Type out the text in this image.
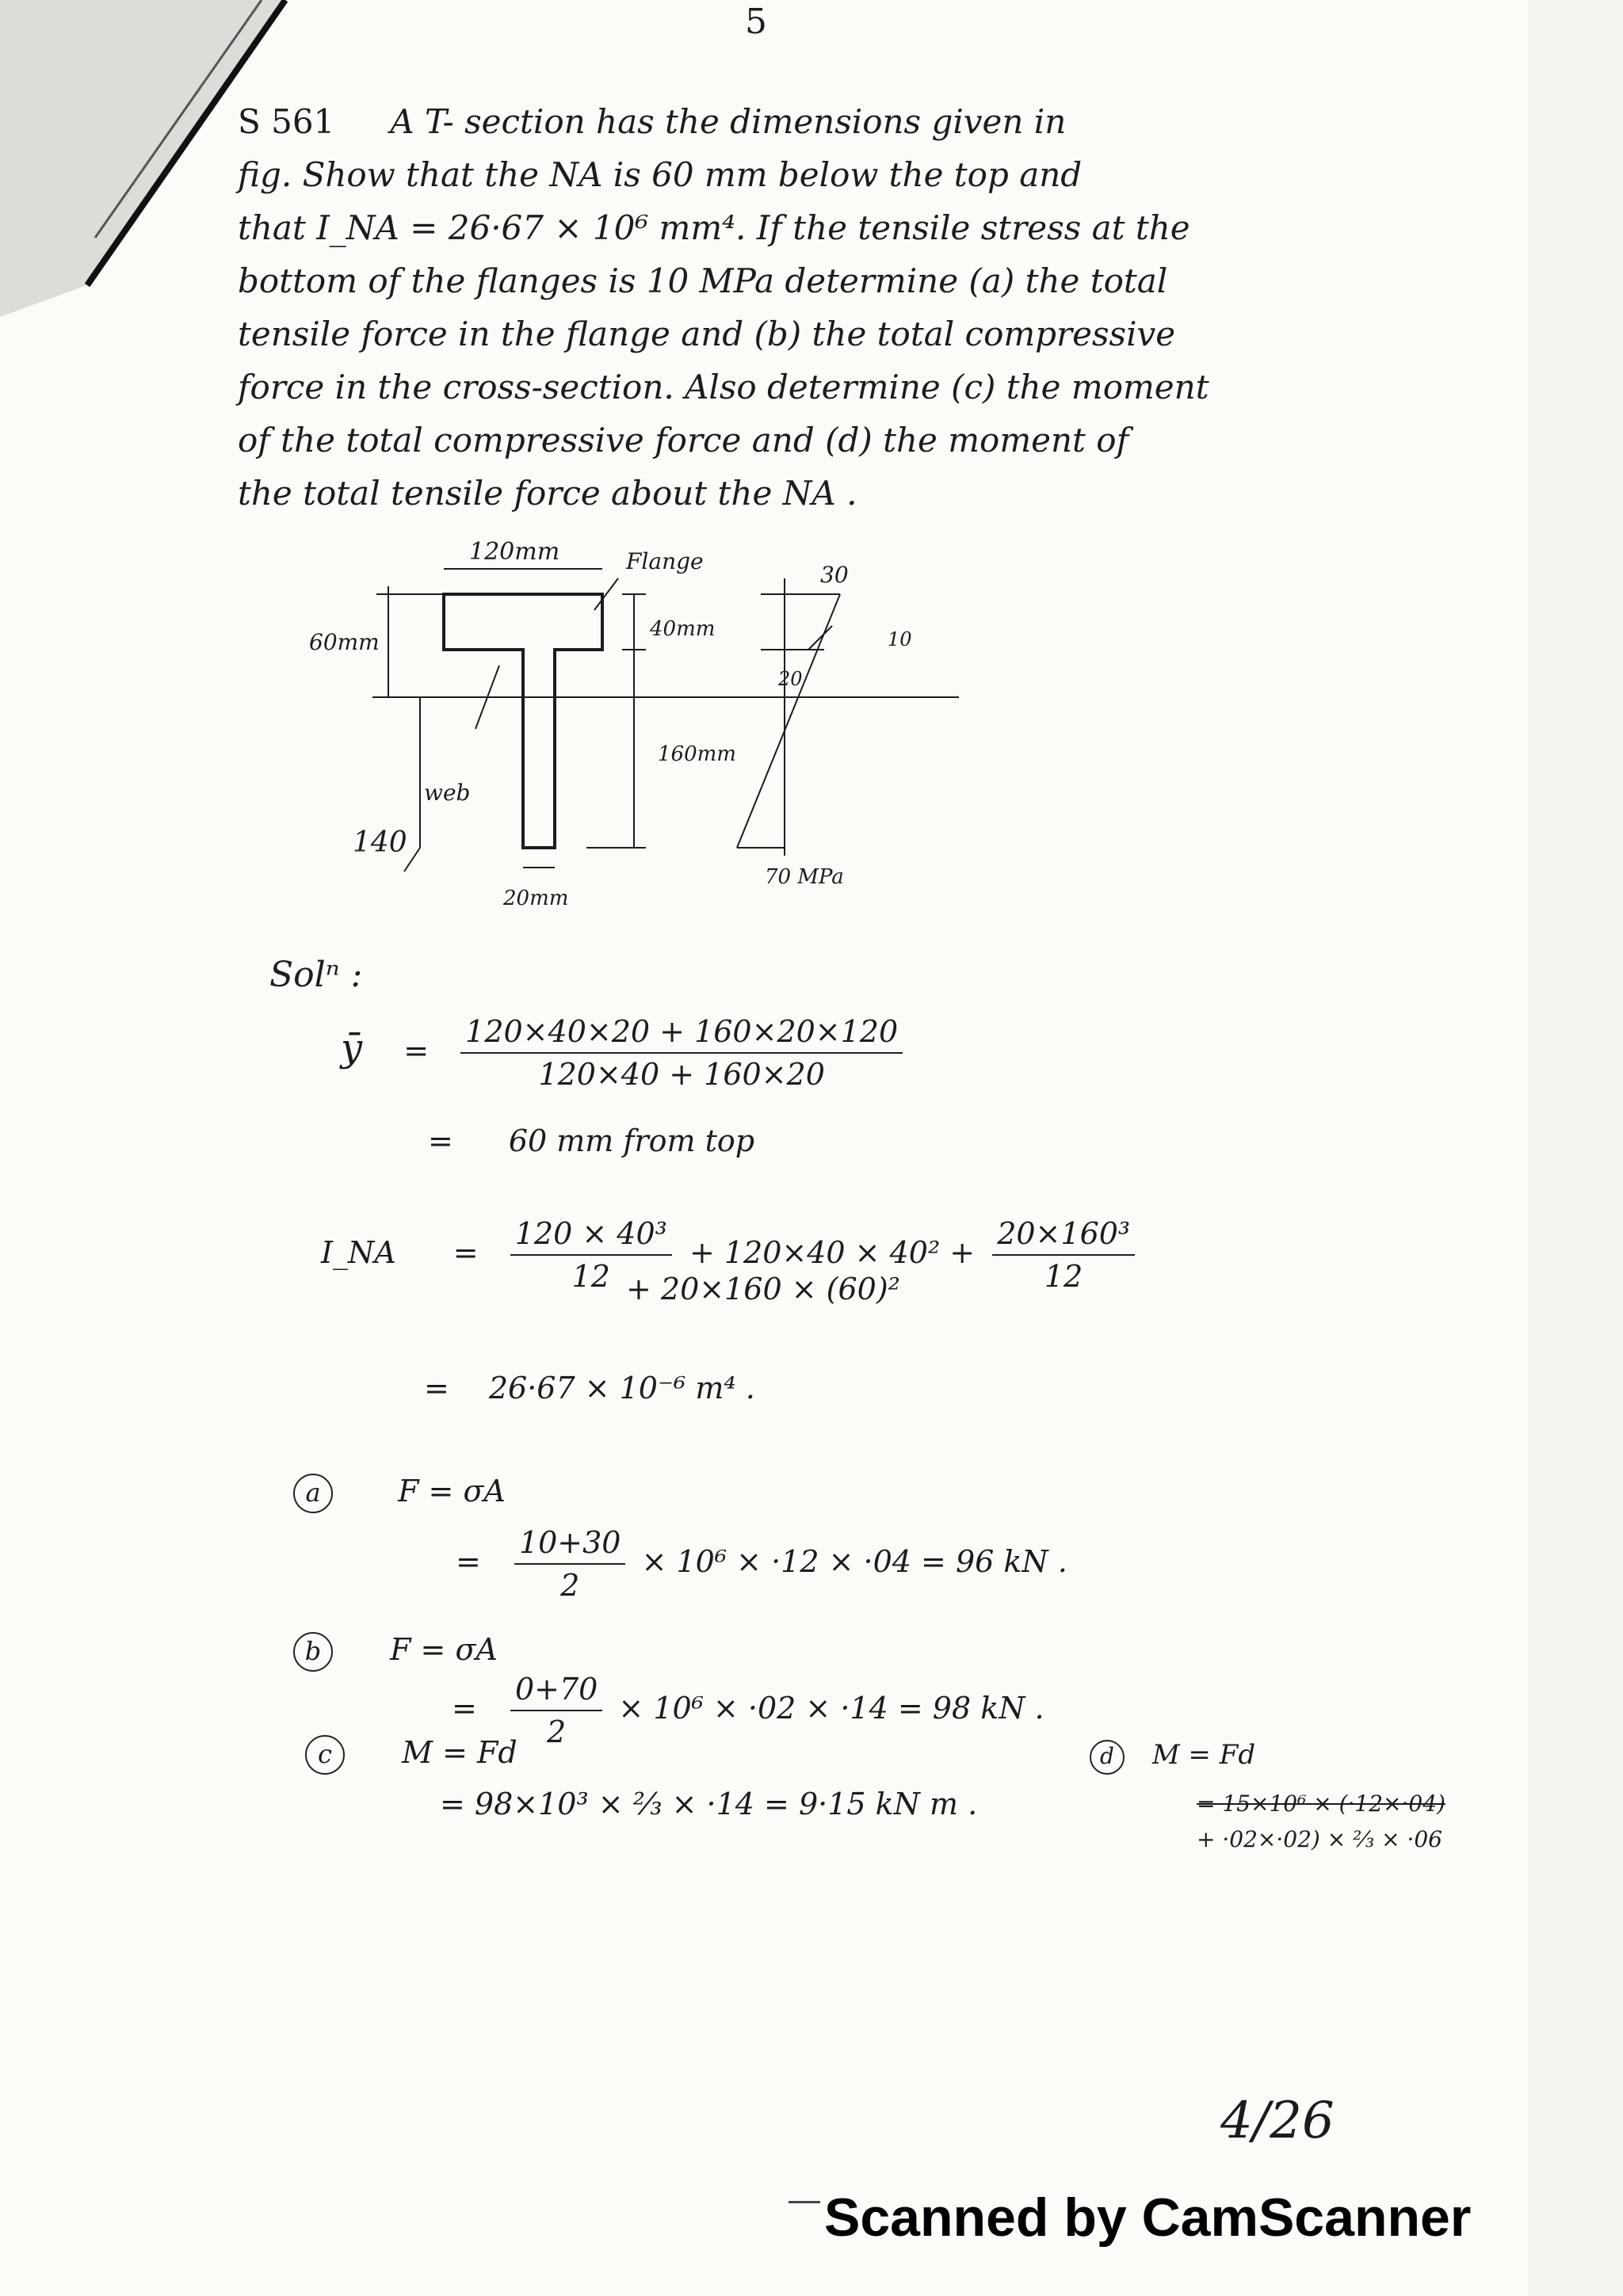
5
S 561 A T- section has the dimensions given in
fig. Show that the NA is 60 mm below the top and
that I_NA = 26·67 × 10⁶ mm⁴. If the tensile stress at the
bottom of the flanges is 10 MPa determine (a) the total
tensile force in the flange and (b) the total compressive
force in the cross-section. Also determine (c) the moment
of the total compressive force and (d) the moment of
the total tensile force about the NA .
120mm	Flange
60mm
web
140
20mm
40mm
160mm
30
10
20
70 MPa
Solⁿ :
ȳ = $\frac{120\times 40\times 20 + 160\times 20\times 120}{120\times 40 + 160\times 20}$
= 60 mm from top
I_NA = $\frac{\text{120 × 40³}}{12} + 120\times 40 \times 40^2 + \frac{\text{20×160³}}{12}$
+ 20×160 × (60)²
= 26·67 × 10⁻⁶ m⁴ .
a	F = σA
= $\frac{10+30}{2} \times 10^6 \times \cdot 12 \times \cdot 04 = 96$ kN .
b F = σA
= $\frac{0+70}{2} \times 10^6 \times \cdot 02 \times \cdot 14 = 98$ kN .
c M = Fd
= 98×10³ × ⅔ × ·14 = 9·15 kN m .
d M = Fd
= 15×10⁶ × (·12×·04)
+ ·02×·02) × ⅔ × ·06
4/26
Scanned by CamScanner
